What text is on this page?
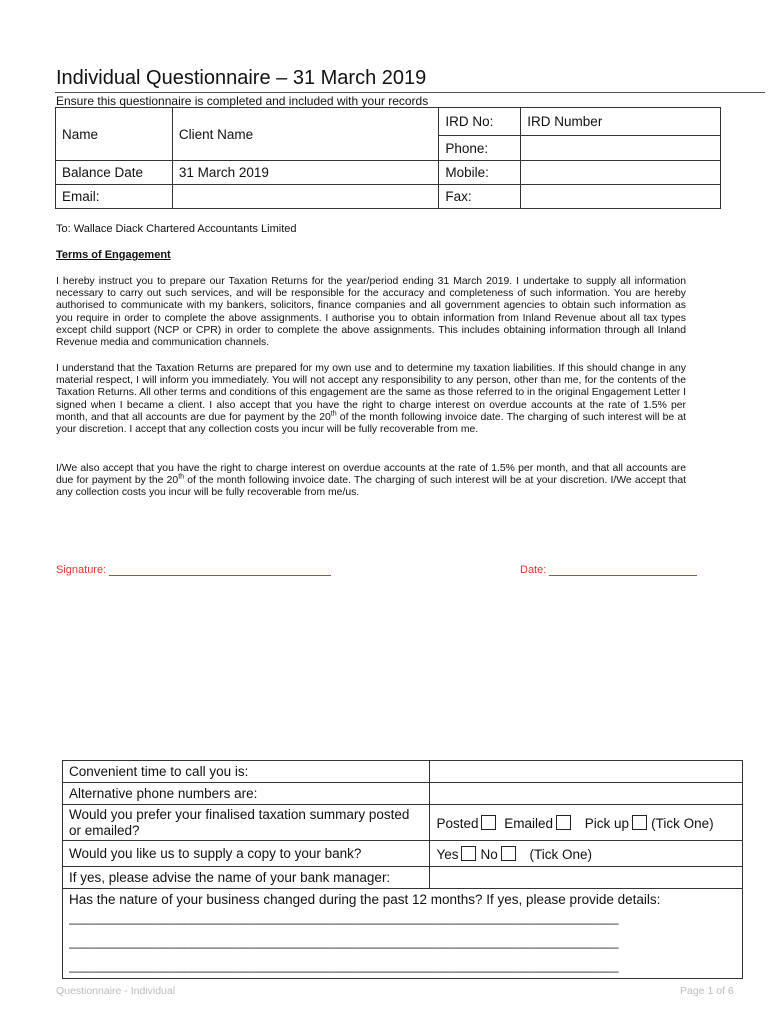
Individual Questionnaire – 31 March 2019
Ensure this questionnaire is completed and included with your records
Name	Client Name	IRD No:	IRD Number
		Phone:	
Balance Date	31 March 2019	Mobile:	
Email:		Fax:	
To: Wallace Diack Chartered Accountants Limited
Terms of Engagement
I hereby instruct you to prepare our Taxation Returns for the year/period ending 31 March 2019. I undertake to supply all information necessary to carry out such services, and will be responsible for the accuracy and completeness of such information. You are hereby authorised to communicate with my bankers, solicitors, finance companies and all government agencies to obtain such information as you require in order to complete the above assignments. I authorise you to obtain information from Inland Revenue about all tax types except child support (NCP or CPR) in order to complete the above assignments. This includes obtaining information through all Inland Revenue media and communication channels.
I understand that the Taxation Returns are prepared for my own use and to determine my taxation liabilities. If this should change in any material respect, I will inform you immediately. You will not accept any responsibility to any person, other than me, for the contents of the Taxation Returns. All other terms and conditions of this engagement are the same as those referred to in the original Engagement Letter I signed when I became a client. I also accept that you have the right to charge interest on overdue accounts at the rate of 1.5% per month, and that all accounts are due for payment by the 20th of the month following invoice date. The charging of such interest will be at your discretion. I accept that any collection costs you incur will be fully recoverable from me.
I/We also accept that you have the right to charge interest on overdue accounts at the rate of 1.5% per month, and that all accounts are due for payment by the 20th of the month following invoice date. The charging of such interest will be at your discretion. I/We accept that any collection costs you incur will be fully recoverable from me/us.
Signature:	Date:
Convenient time to call you is:	
Alternative phone numbers are:	
Would you prefer your finalised taxation summary posted or emailed?	Posted Emailed Pick up (Tick One)
Would you like us to supply a copy to your bank?	Yes No (Tick One)
If yes, please advise the name of your bank manager:	

Has the nature of your business changed during the past 12 months? If yes, please provide details:
____________________________________________________________________________
____________________________________________________________________________
____________________________________________________________________________	
Questionnaire - Individual	Page 1 of 6
